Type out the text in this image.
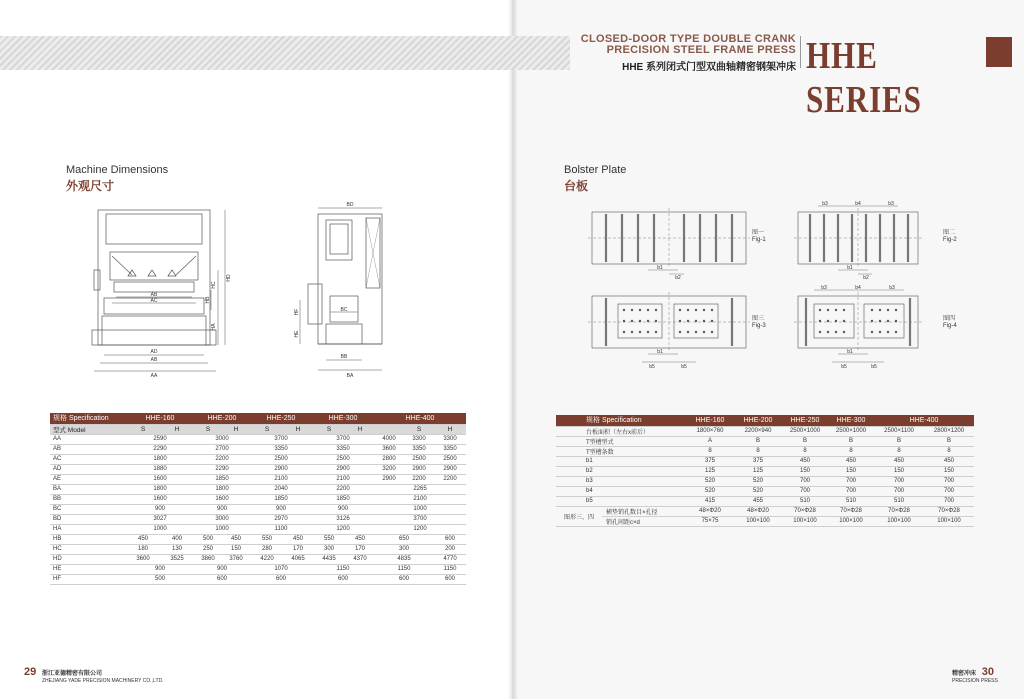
CLOSED-DOOR TYPE DOUBLE CRANK
PRECISION STEEL FRAME PRESS
HHE 系列闭式门型双曲轴精密钢架冲床 HHE SERIES
Machine Dimensions
外观尺寸
AB
AC
AD
AB
AA
HD
HC
HB
HA
BD
BC
BB
BA
HF
HE
规格 Specification	HHE-160		HHE-200		HHE-250		HHE-300		HHE-400		
型式 Model	S	H	S	H	S	H	S	H		S	H
AA	2590		3000		3700		3700		4000	3300	3300
AB	2290		2700		3350		3350		3600	3350	3350
AC	1800		2200		2500		2500		2800	2500	2500
AD	1880		2290		2900		2900		3200	2900	2900
AE	1600		1850		2100		2100		2900	2200	2200
BA	1800		1800		2040		2200		2265		
BB	1600		1600		1850		1850		2100		
BC	900		900		900		900		1000		
BD	3027		3000		2970		3126		3700		
HA	1000		1000		1100		1200		1200		
HB	450	400	500	450	550	450	550	450	650		600
HC	180	130	250	150	280	170	300	170	300		200
HD	3600	3525	3860	3760	4220	4065	4435	4370	4835		4770
HE	900		900		1070		1150		1150		1150
HF	500		600		600		600		600		600
29 浙江亚德精密有限公司
ZHEJIANG YADE PRECISION MACHINERY CO.,LTD.
Bolster Plate
台板
b1
b2
b3	b4	b3
b1
b2
b1
b5	b5
b3	b4	b3
b1
b5	b5
图一
Fig-1
图二
Fig-2
图三
Fig-3
图四
Fig-4
规格 Specification		HHE-160	HHE-200	HHE-250	HHE-300	HHE-400	
台板面积（左右x前后）		1800×760	2200×940	2500×1000	2500×1000	2500×1100	2800×1200
T型槽型式		A	B	B	B	B	B
T型槽条数		8	8	8	8	8	8
b1		375	375	450	450	450	450
b2		125	125	150	150	150	150
b3		520	520	700	700	700	700
b4		520	520	700	700	700	700
b5		415	455	510	510	510	700
图形三、四	横垫销孔数目×孔径	48×Φ20	48×Φ20	70×Φ28	70×Φ28	70×Φ28	70×Φ28
	销孔间距c×d	75×75	100×100	100×100	100×100	100×100	100×100
精密冲床 30
PRECISION PRESS
